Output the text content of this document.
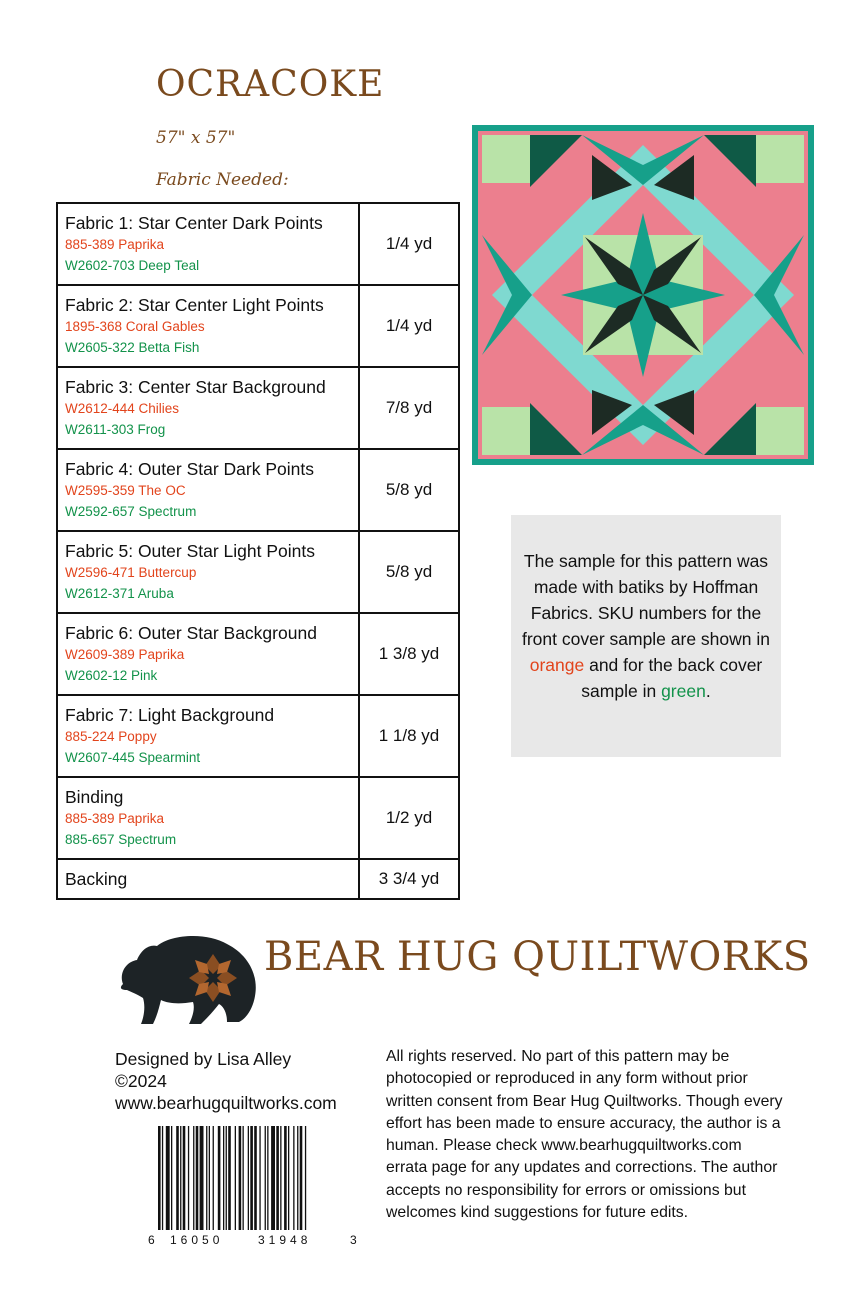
OCRACOKE
57" x 57"
Fabric Needed:
Fabric 1: Star Center Dark Points
885-389 Paprika
W2602-703 Deep Teal	1/4 yd

Fabric 2: Star Center Light Points
1895-368 Coral Gables
W2605-322 Betta Fish	1/4 yd

Fabric 3: Center Star Background
W2612-444 Chilies
W2611-303 Frog	7/8 yd

Fabric 4: Outer Star Dark Points
W2595-359 The OC
W2592-657 Spectrum	5/8 yd

Fabric 5: Outer Star Light Points
W2596-471 Buttercup
W2612-371 Aruba	5/8 yd

Fabric 6: Outer Star Background
W2609-389 Paprika
W2602-12 Pink	1 3/8 yd

Fabric 7: Light Background
885-224 Poppy
W2607-445 Spearmint	1 1/8 yd

Binding
885-389 Paprika
885-657 Spectrum	1/2 yd

Backing	3 3/4 yd
The sample for this pattern was made with batiks by Hoffman Fabrics. SKU numbers for the front cover sample are shown in orange and for the back cover sample in green.
BEAR HUG QUILTWORKS
Designed by Lisa Alley
©2024
www.bearhugquiltworks.com
6 16050	31948	3
All rights reserved. No part of this pattern may be photocopied or reproduced in any form without prior written consent from Bear Hug Quiltworks. Though every effort has been made to ensure accuracy, the author is a human. Please check www.bearhugquiltworks.com errata page for any updates and corrections. The author accepts no responsibility for errors or omissions but welcomes kind suggestions for future edits.
